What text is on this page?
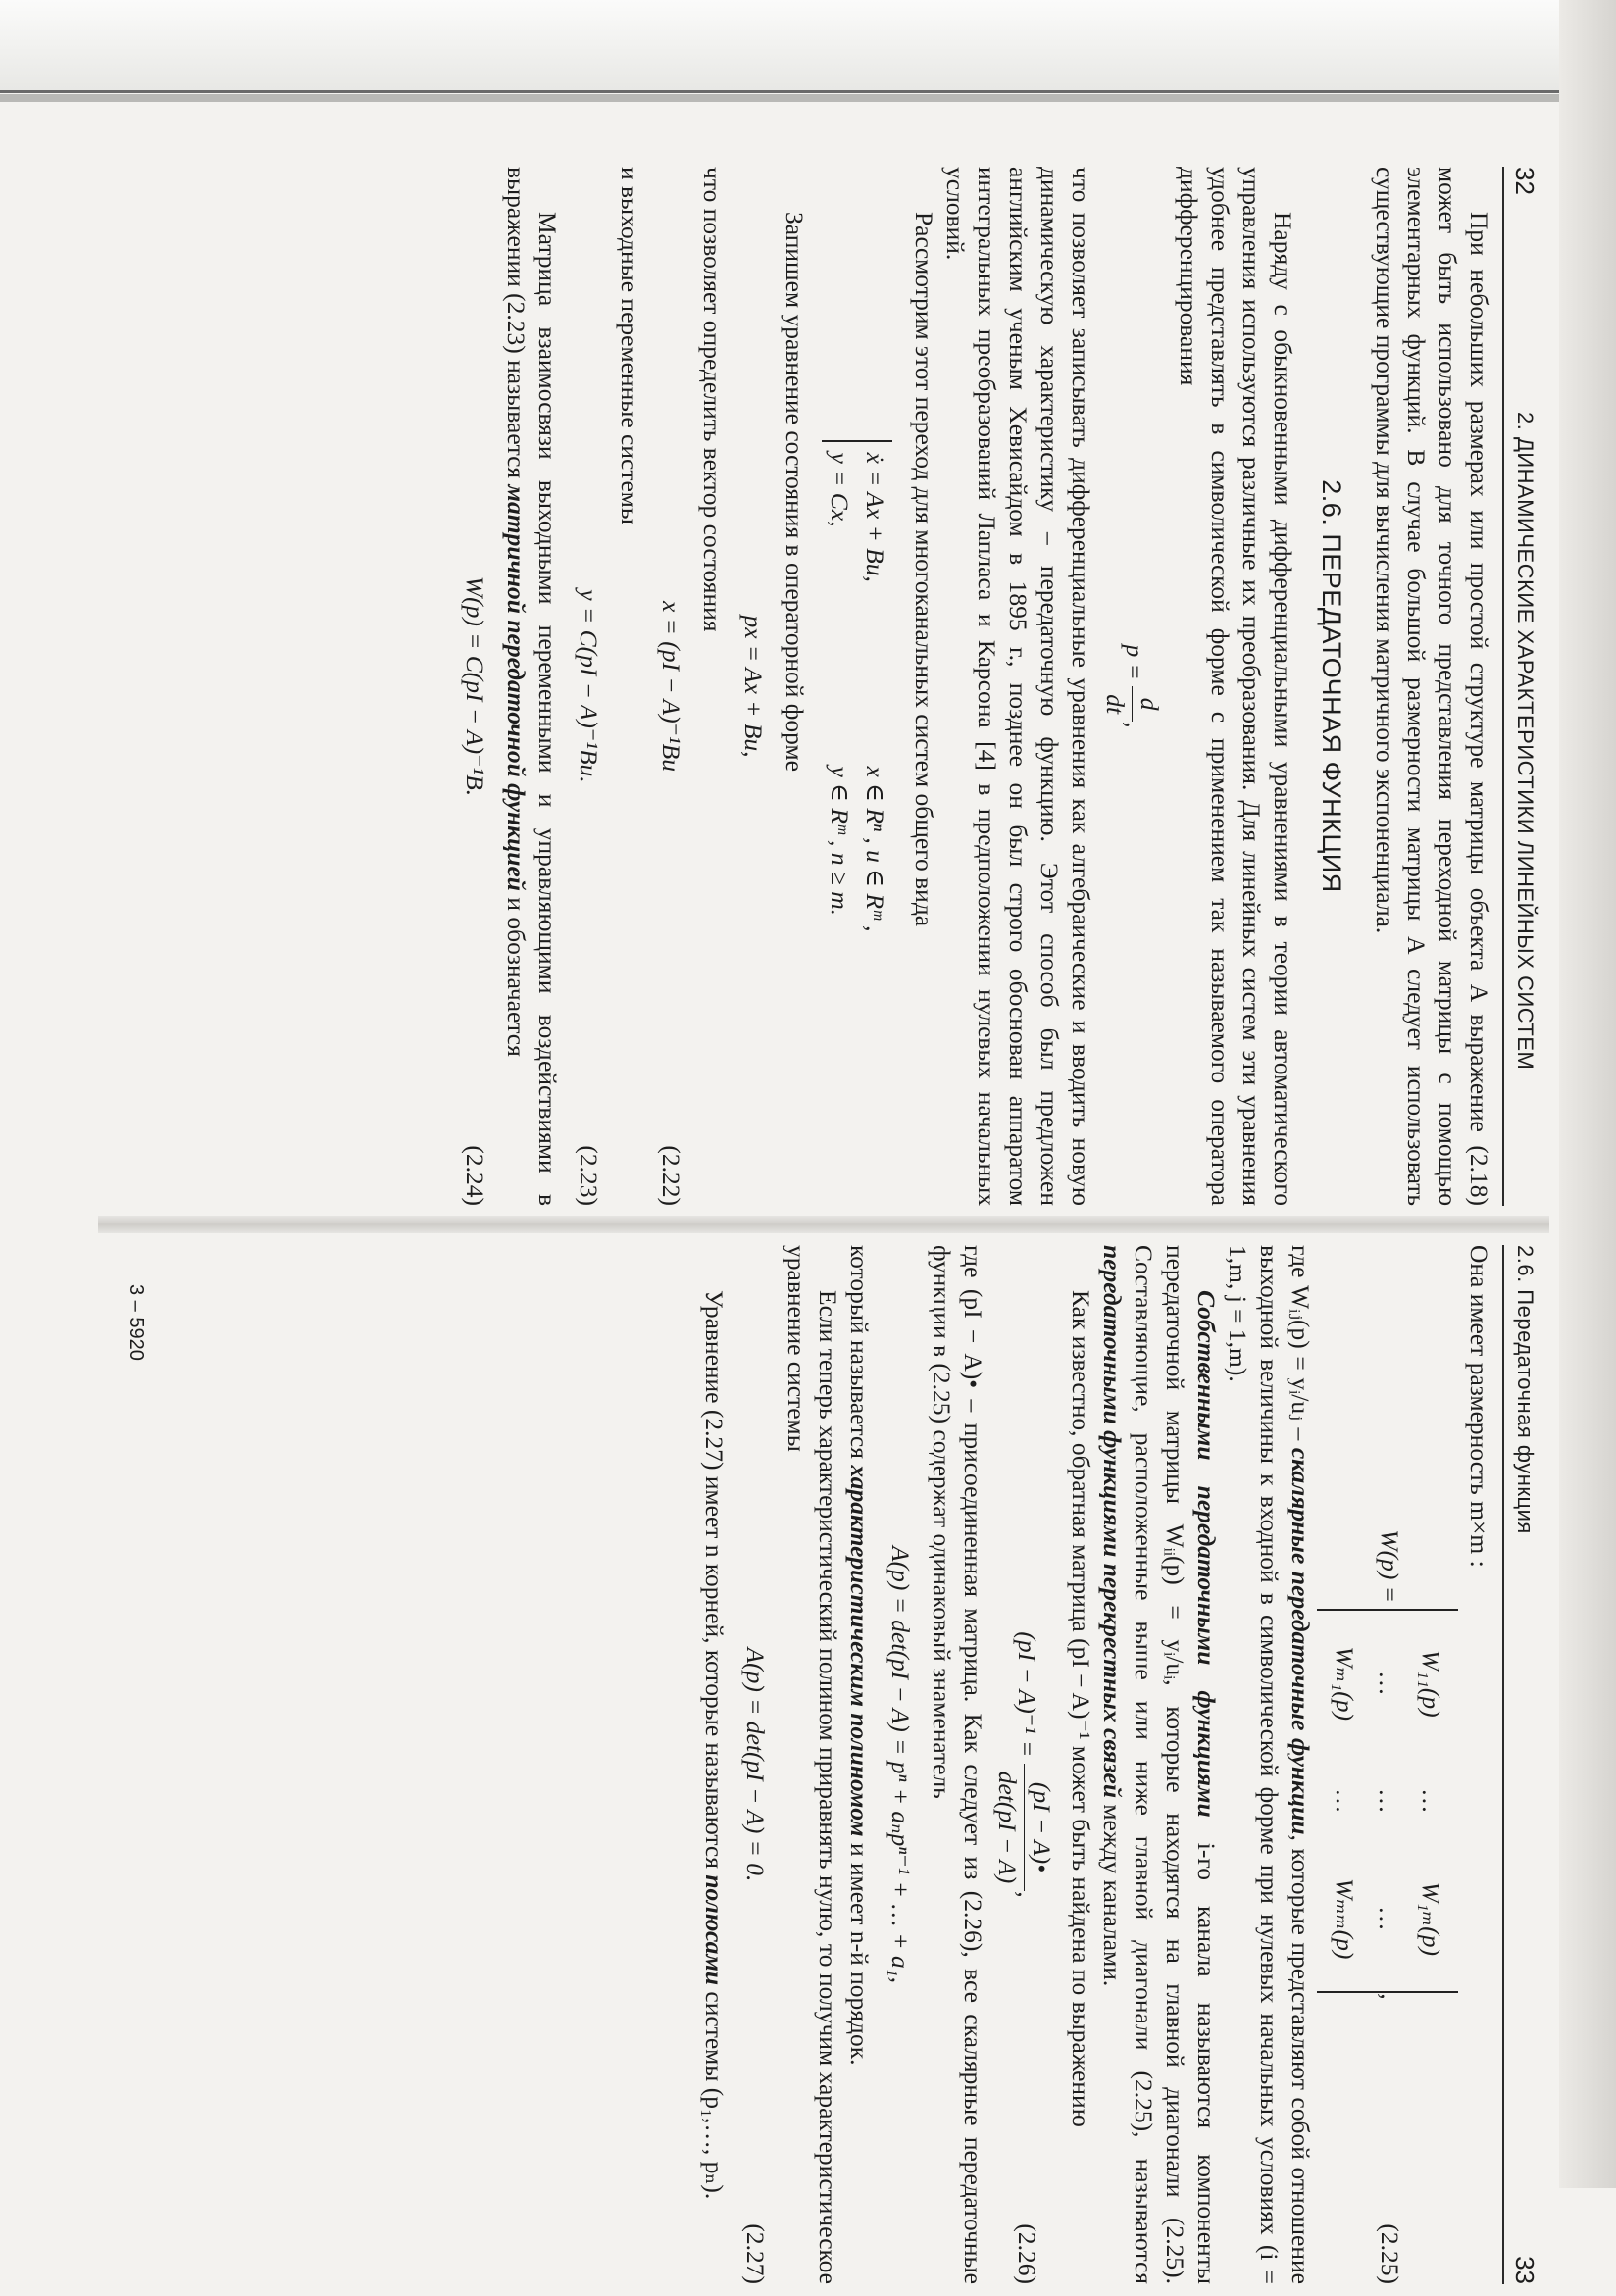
32
2. ДИНАМИЧЕСКИЕ ХАРАКТЕРИСТИКИ ЛИНЕЙНЫХ СИСТЕМ

При небольших размерах или простой структуре матрицы объекта A выражение (2.18) может быть использовано для точного представления переходной матрицы с помощью элементарных функций. В случае большой размерности матрицы A следует использовать существующие программы для вычисления матричного экспоненциала.

2.6. ПЕРЕДАТОЧНАЯ ФУНКЦИЯ

Наряду с обыкновенными дифференциальными уравнениями в теории автоматического управления используются различные их преобразования. Для линейных систем эти уравнения удобнее представлять в символической форме с применением так называемого оператора дифференцирования

p =
d
dt
,

что позволяет записывать дифференциальные уравнения как алгебраические и вводить новую динамическую характеристику – передаточную функцию. Этот способ был предложен английским ученым Хевисайдом в 1895 г., позднее он был строго обоснован аппаратом интегральных преобразований Лапласа и Карсона [4] в предположении нулевых начальных условий.

Рассмотрим этот переход для многоканальных систем общего вида

ẋ = Ax + Bu,x ∈ Rⁿ , u ∈ Rᵐ ,
y = Cx,y ∈ Rᵐ , n ≥ m.

Запишем уравнение состояния в операторной форме

px = Ax + Bu,

что позволяет определить вектор состояния

x = (pI − A)⁻¹Bu
(2.22)

и выходные переменные системы

y = C(pI − A)⁻¹Bu.
(2.23)

Матрица взаимосвязи выходными переменными и управляющими воздействиями в выражении (2.23) называется матричной передаточной функцией и обозначается

W(p) = C(pI − A)⁻¹B.
(2.24)
2.6. Передаточная функция
33

Она имеет размерность m×m :

W(p) =
W₁₁(p)…W₁ₘ(p)
………
Wₘ₁(p)…Wₘₘ(p)
,
(2.25)

где Wᵢⱼ(p) = yᵢ/uⱼ – скалярные передаточные функции, которые представляют собой отношение выходной величины к входной в символической форме при нулевых начальных условиях (i = 1,m, j = 1,m).

Собственными передаточными функциями i-го канала называются компоненты передаточной матрицы Wᵢᵢ(p) = yᵢ/uᵢ, которые находятся на главной диагонали (2.25). Составляющие, расположенные выше или ниже главной диагонали (2.25), называются передаточными функциями перекрестных связей между каналами.

Как известно, обратная матрица (pI − A)⁻¹ может быть найдена по выражению

(pI − A)⁻¹ =
(pI − A)•
det(pI − A)
,
(2.26)

где (pI − A)• – присоединенная матрица. Как следует из (2.26), все скалярные передаточные функции в (2.25) содержат одинаковый знаменатель

A(p) = det(pI − A) = pⁿ + aₙpⁿ⁻¹ + … + a₁,

который называется характеристическим полиномом и имеет n-й порядок.

Если теперь характеристический полином приравнять нулю, то получим характеристическое уравнение системы

A(p) = det(pI − A) = 0.
(2.27)

Уравнение (2.27) имеет n корней, которые называются полюсами системы (p₁,…, pₙ).

3 – 5920
